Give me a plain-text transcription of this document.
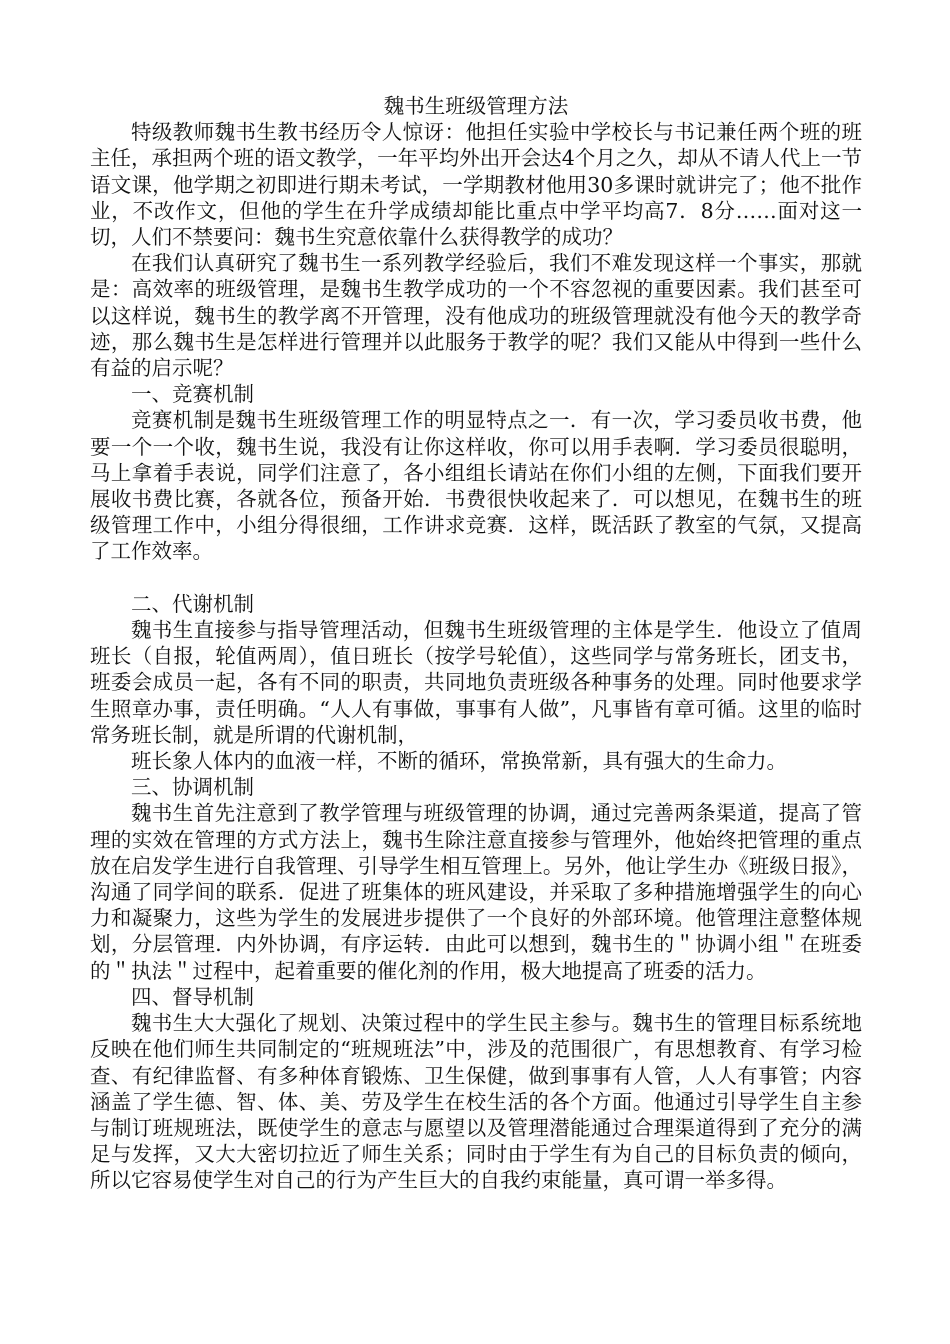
魏书生班级管理方法

特级教师魏书生教书经历令人惊讶：他担任实验中学校长与书记兼任两个班的班主任，承担两个班的语文教学，一年平均外出开会达4个月之久，却从不请人代上一节语文课，他学期之初即进行期未考试，一学期教材他用30多课时就讲完了；他不批作业，不改作文，但他的学生在升学成绩却能比重点中学平均高7．8分……面对这一切，人们不禁要问：魏书生究意依靠什么获得教学的成功？

在我们认真研究了魏书生一系列教学经验后，我们不难发现这样一个事实，那就是：高效率的班级管理，是魏书生教学成功的一个不容忽视的重要因素。我们甚至可以这样说，魏书生的教学离不开管理，没有他成功的班级管理就没有他今天的教学奇迹，那么魏书生是怎样进行管理并以此服务于教学的呢？我们又能从中得到一些什么有益的启示呢？

一、竞赛机制

竞赛机制是魏书生班级管理工作的明显特点之一．有一次，学习委员收书费，他要一个一个收，魏书生说，我没有让你这样收，你可以用手表啊．学习委员很聪明，马上拿着手表说，同学们注意了，各小组组长请站在你们小组的左侧，下面我们要开展收书费比赛，各就各位，预备开始．书费很快收起来了．可以想见，在魏书生的班级管理工作中，小组分得很细，工作讲求竞赛．这样，既活跃了教室的气氛，又提高了工作效率。

二、代谢机制

魏书生直接参与指导管理活动，但魏书生班级管理的主体是学生．他设立了值周班长（自报，轮值两周），值日班长（按学号轮值），这些同学与常务班长，团支书，班委会成员一起，各有不同的职责，共同地负责班级各种事务的处理。同时他要求学生照章办事，责任明确。“人人有事做，事事有人做”，凡事皆有章可循。这里的临时常务班长制，就是所谓的代谢机制，

班长象人体内的血液一样，不断的循环，常换常新，具有强大的生命力。

三、协调机制

魏书生首先注意到了教学管理与班级管理的协调，通过完善两条渠道，提高了管理的实效在管理的方式方法上，魏书生除注意直接参与管理外，他始终把管理的重点放在启发学生进行自我管理、引导学生相互管理上。另外，他让学生办《班级日报》，沟通了同学间的联系．促进了班集体的班风建设，并采取了多种措施增强学生的向心力和凝聚力，这些为学生的发展进步提供了一个良好的外部环境。他管理注意整体规划，分层管理．内外协调，有序运转．由此可以想到，魏书生的＂协调小组＂在班委的＂执法＂过程中，起着重要的催化剂的作用，极大地提高了班委的活力。

四、督导机制

魏书生大大强化了规划、决策过程中的学生民主参与。魏书生的管理目标系统地反映在他们师生共同制定的“班规班法”中，涉及的范围很广，有思想教育、有学习检查、有纪律监督、有多种体育锻炼、卫生保健，做到事事有人管，人人有事管；内容涵盖了学生德、智、体、美、劳及学生在校生活的各个方面。他通过引导学生自主参与制订班规班法，既使学生的意志与愿望以及管理潜能通过合理渠道得到了充分的满足与发挥，又大大密切拉近了师生关系；同时由于学生有为自己的目标负责的倾向，所以它容易使学生对自己的行为产生巨大的自我约束能量，真可谓一举多得。
